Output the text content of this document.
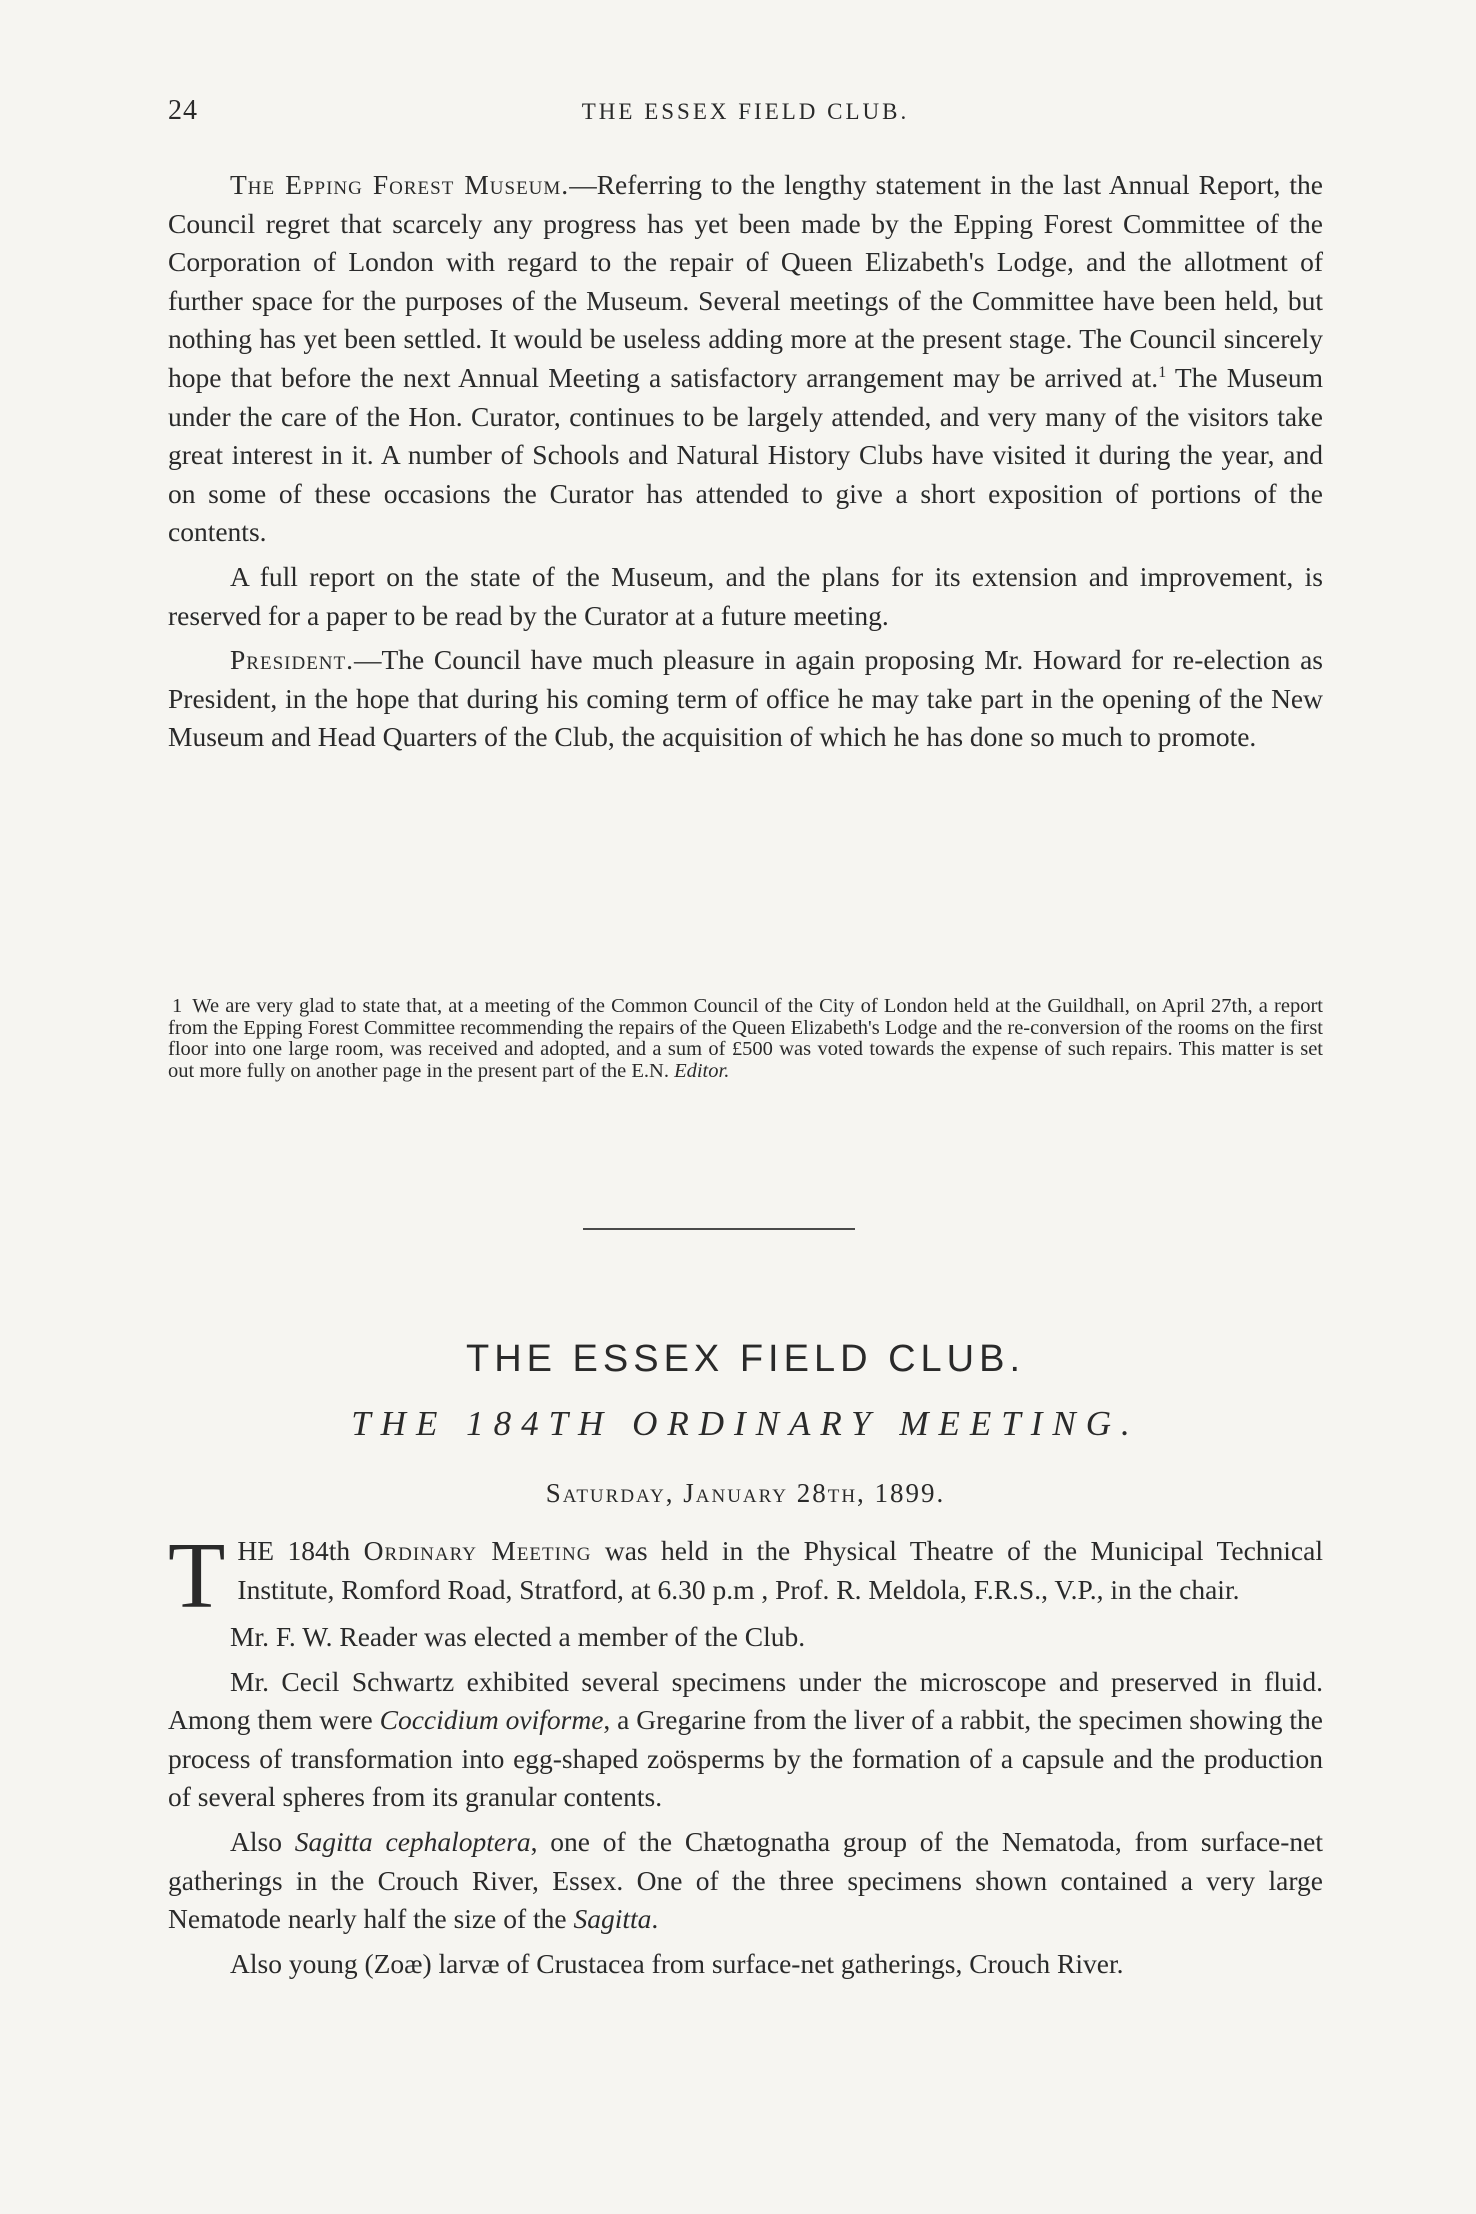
24	THE ESSEX FIELD CLUB.

The Epping Forest Museum.—Referring to the lengthy statement in the last Annual Report, the Council regret that scarcely any progress has yet been made by the Epping Forest Committee of the Corporation of London with regard to the repair of Queen Elizabeth's Lodge, and the allotment of further space for the purposes of the Museum. Several meetings of the Committee have been held, but nothing has yet been settled. It would be useless adding more at the present stage. The Council sincerely hope that before the next Annual Meeting a satisfactory arrangement may be arrived at.$^1$ The Museum under the care of the Hon. Curator, continues to be largely attended, and very many of the visitors take great interest in it. A number of Schools and Natural History Clubs have visited it during the year, and on some of these occasions the Curator has attended to give a short exposition of portions of the contents.

A full report on the state of the Museum, and the plans for its extension and improvement, is reserved for a paper to be read by the Curator at a future meeting.

President.—The Council have much pleasure in again proposing Mr. Howard for re-election as President, in the hope that during his coming term of office he may take part in the opening of the New Museum and Head Quarters of the Club, the acquisition of which he has done so much to promote.

1 We are very glad to state that, at a meeting of the Common Council of the City of London held at the Guildhall, on April 27th, a report from the Epping Forest Committee recommending the repairs of the Queen Elizabeth's Lodge and the re-conversion of the rooms on the first floor into one large room, was received and adopted, and a sum of £500 was voted towards the expense of such repairs. This matter is set out more fully on another page in the present part of the E.N. Editor.
THE ESSEX FIELD CLUB.
THE 184TH ORDINARY MEETING.
Saturday, January 28th, 1899.

THE 184th Ordinary Meeting was held in the Physical Theatre of the Municipal Technical Institute, Romford Road, Stratford, at 6.30 p.m , Prof. R. Meldola, F.R.S., V.P., in the chair.

Mr. F. W. Reader was elected a member of the Club.

Mr. Cecil Schwartz exhibited several specimens under the microscope and preserved in fluid. Among them were Coccidium oviforme, a Gregarine from the liver of a rabbit, the specimen showing the process of transformation into egg-shaped zoösperms by the formation of a capsule and the production of several spheres from its granular contents.

Also Sagitta cephaloptera, one of the Chætognatha group of the Nematoda, from surface-net gatherings in the Crouch River, Essex. One of the three specimens shown contained a very large Nematode nearly half the size of the Sagitta.

Also young (Zoæ) larvæ of Crustacea from surface-net gatherings, Crouch River.
